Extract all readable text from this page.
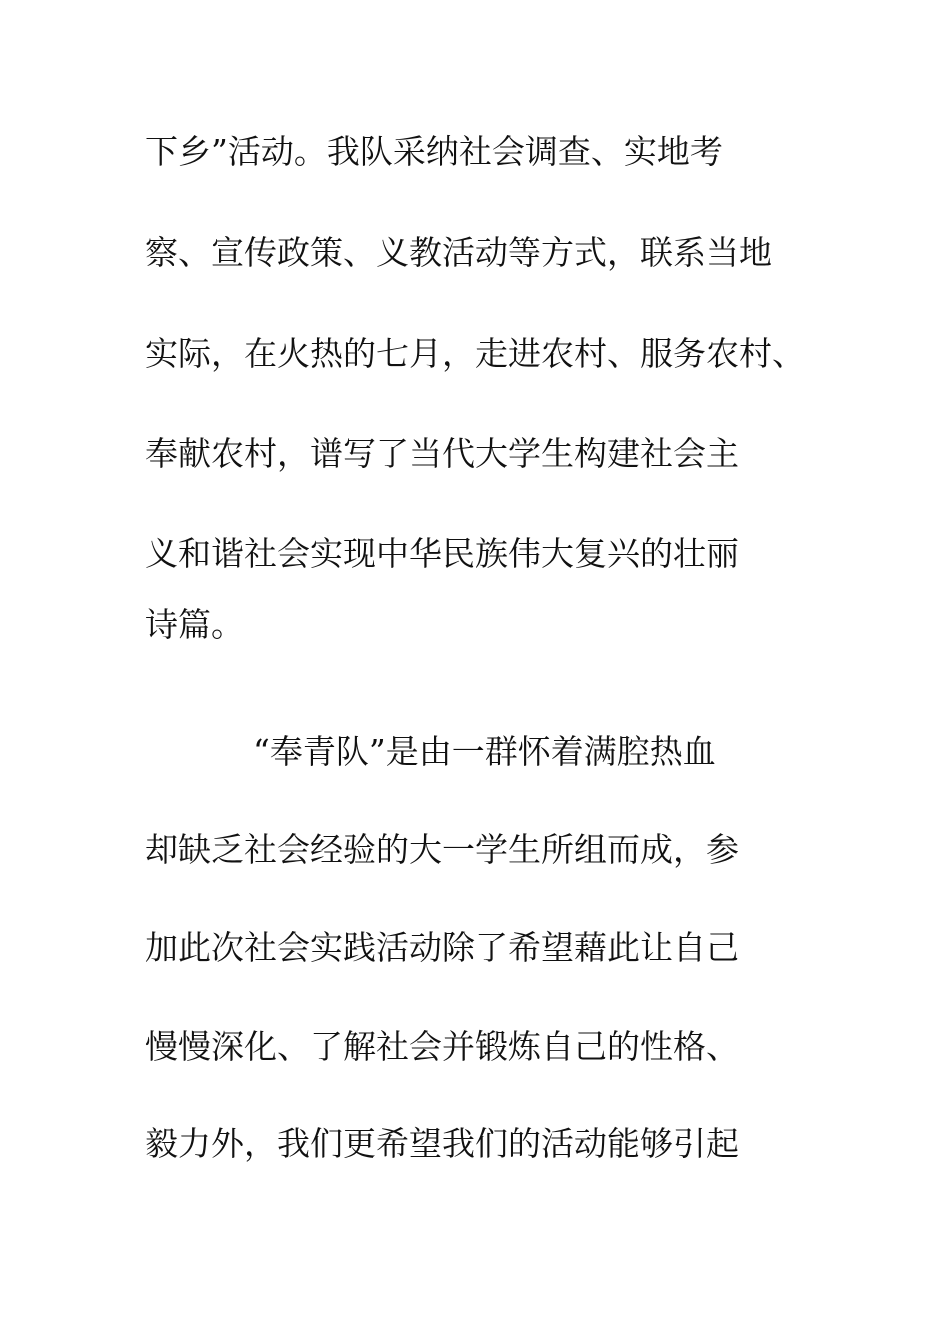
下乡”活动。我队采纳社会调查、实地考
察、宣传政策、义教活动等方式，联系当地
实际，在火热的七月，走进农村、服务农村、
奉献农村，谱写了当代大学生构建社会主
义和谐社会实现中华民族伟大复兴的壮丽
诗篇。
“奉青队”是由一群怀着满腔热血
却缺乏社会经验的大一学生所组而成，参
加此次社会实践活动除了希望藉此让自己
慢慢深化、了解社会并锻炼自己的性格、
毅力外，我们更希望我们的活动能够引起
